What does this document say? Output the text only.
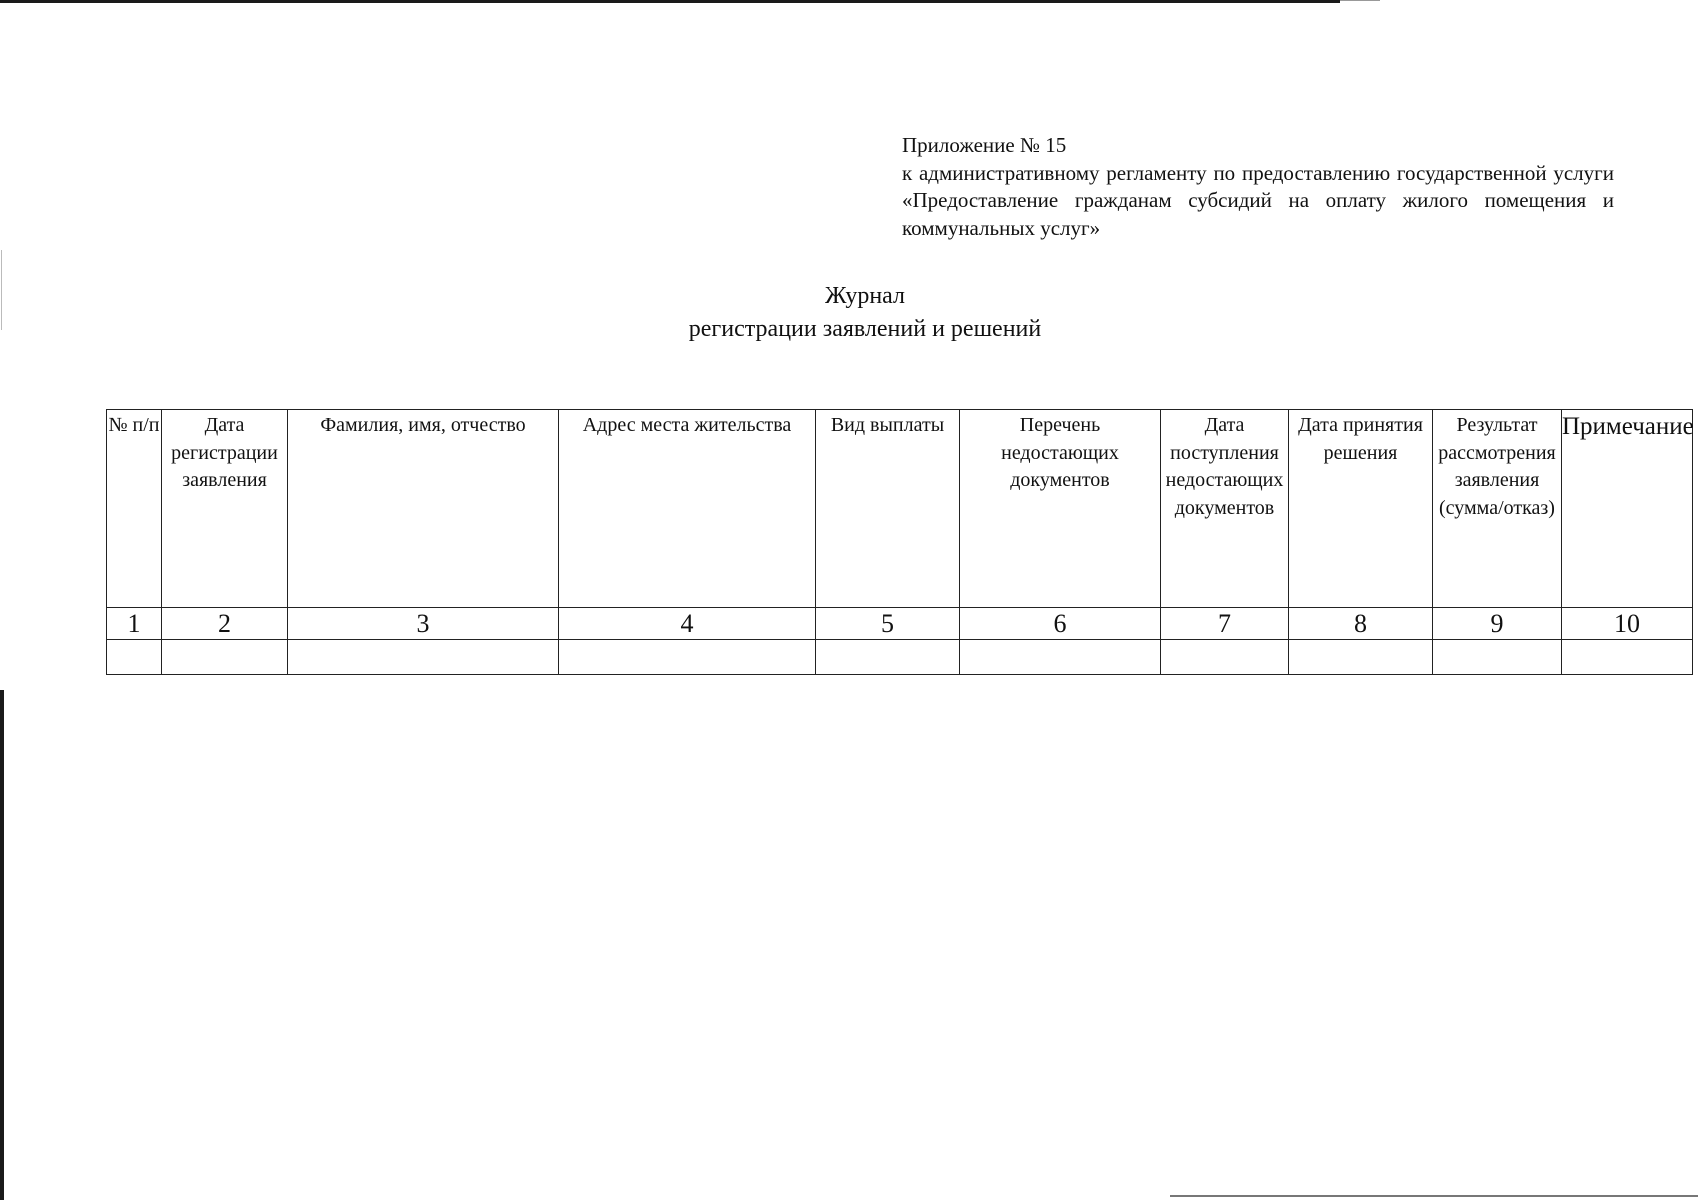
Приложение № 15
к административному регламенту по предоставлению государственной услуги «Предоставление гражданам субсидий на оплату жилого помещения и коммунальных услуг»
Журнал
регистрации заявлений и решений
№ п/п	Дата регистрации заявления	Фамилия, имя, отчество	Адрес места жительства	Вид выплаты	Перечень недостающих документов	Дата поступления недостающих документов	Дата принятия решения	Результат рассмотрения заявления (сумма/отказ)	Примечание
1	2	3	4	5	6	7	8	9	10
